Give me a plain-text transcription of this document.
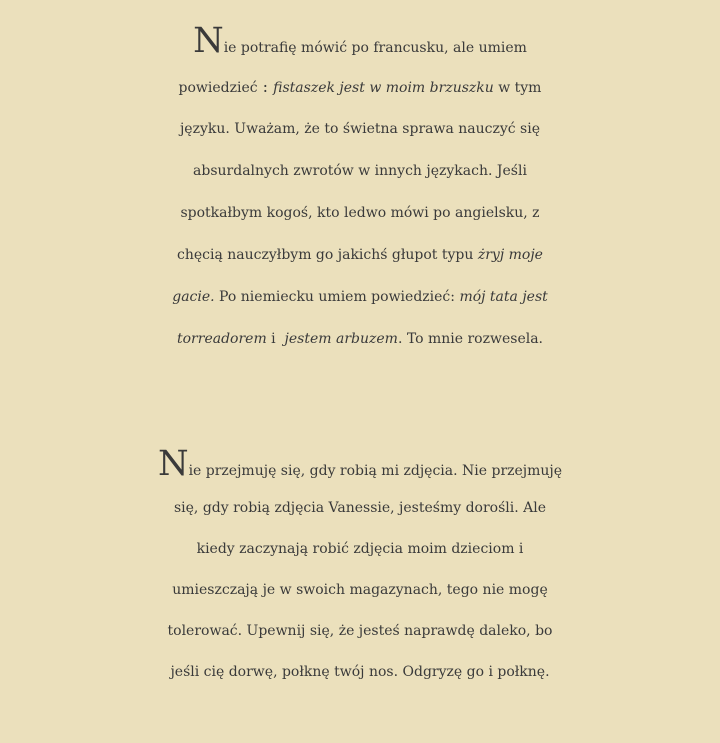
Nie potrafię mówić po francusku, ale umiem
powiedzieć : fistaszek jest w moim brzuszku w tym
języku. Uważam, że to świetna sprawa nauczyć się
absurdalnych zwrotów w innych językach. Jeśli
spotkałbym kogoś, kto ledwo mówi po angielsku, z
chęcią nauczyłbym go jakichś głupot typu żryj moje
gacie. Po niemiecku umiem powiedzieć: mój tata jest
torreadorem i  jestem arbuzem. To mnie rozwesela.

Nie przejmuję się, gdy robią mi zdjęcia. Nie przejmuję
się, gdy robią zdjęcia Vanessie, jesteśmy dorośli. Ale
kiedy zaczynają robić zdjęcia moim dzieciom i
umieszczają je w swoich magazynach, tego nie mogę
tolerować. Upewnij się, że jesteś naprawdę daleko, bo
jeśli cię dorwę, połknę twój nos. Odgryzę go i połknę.
